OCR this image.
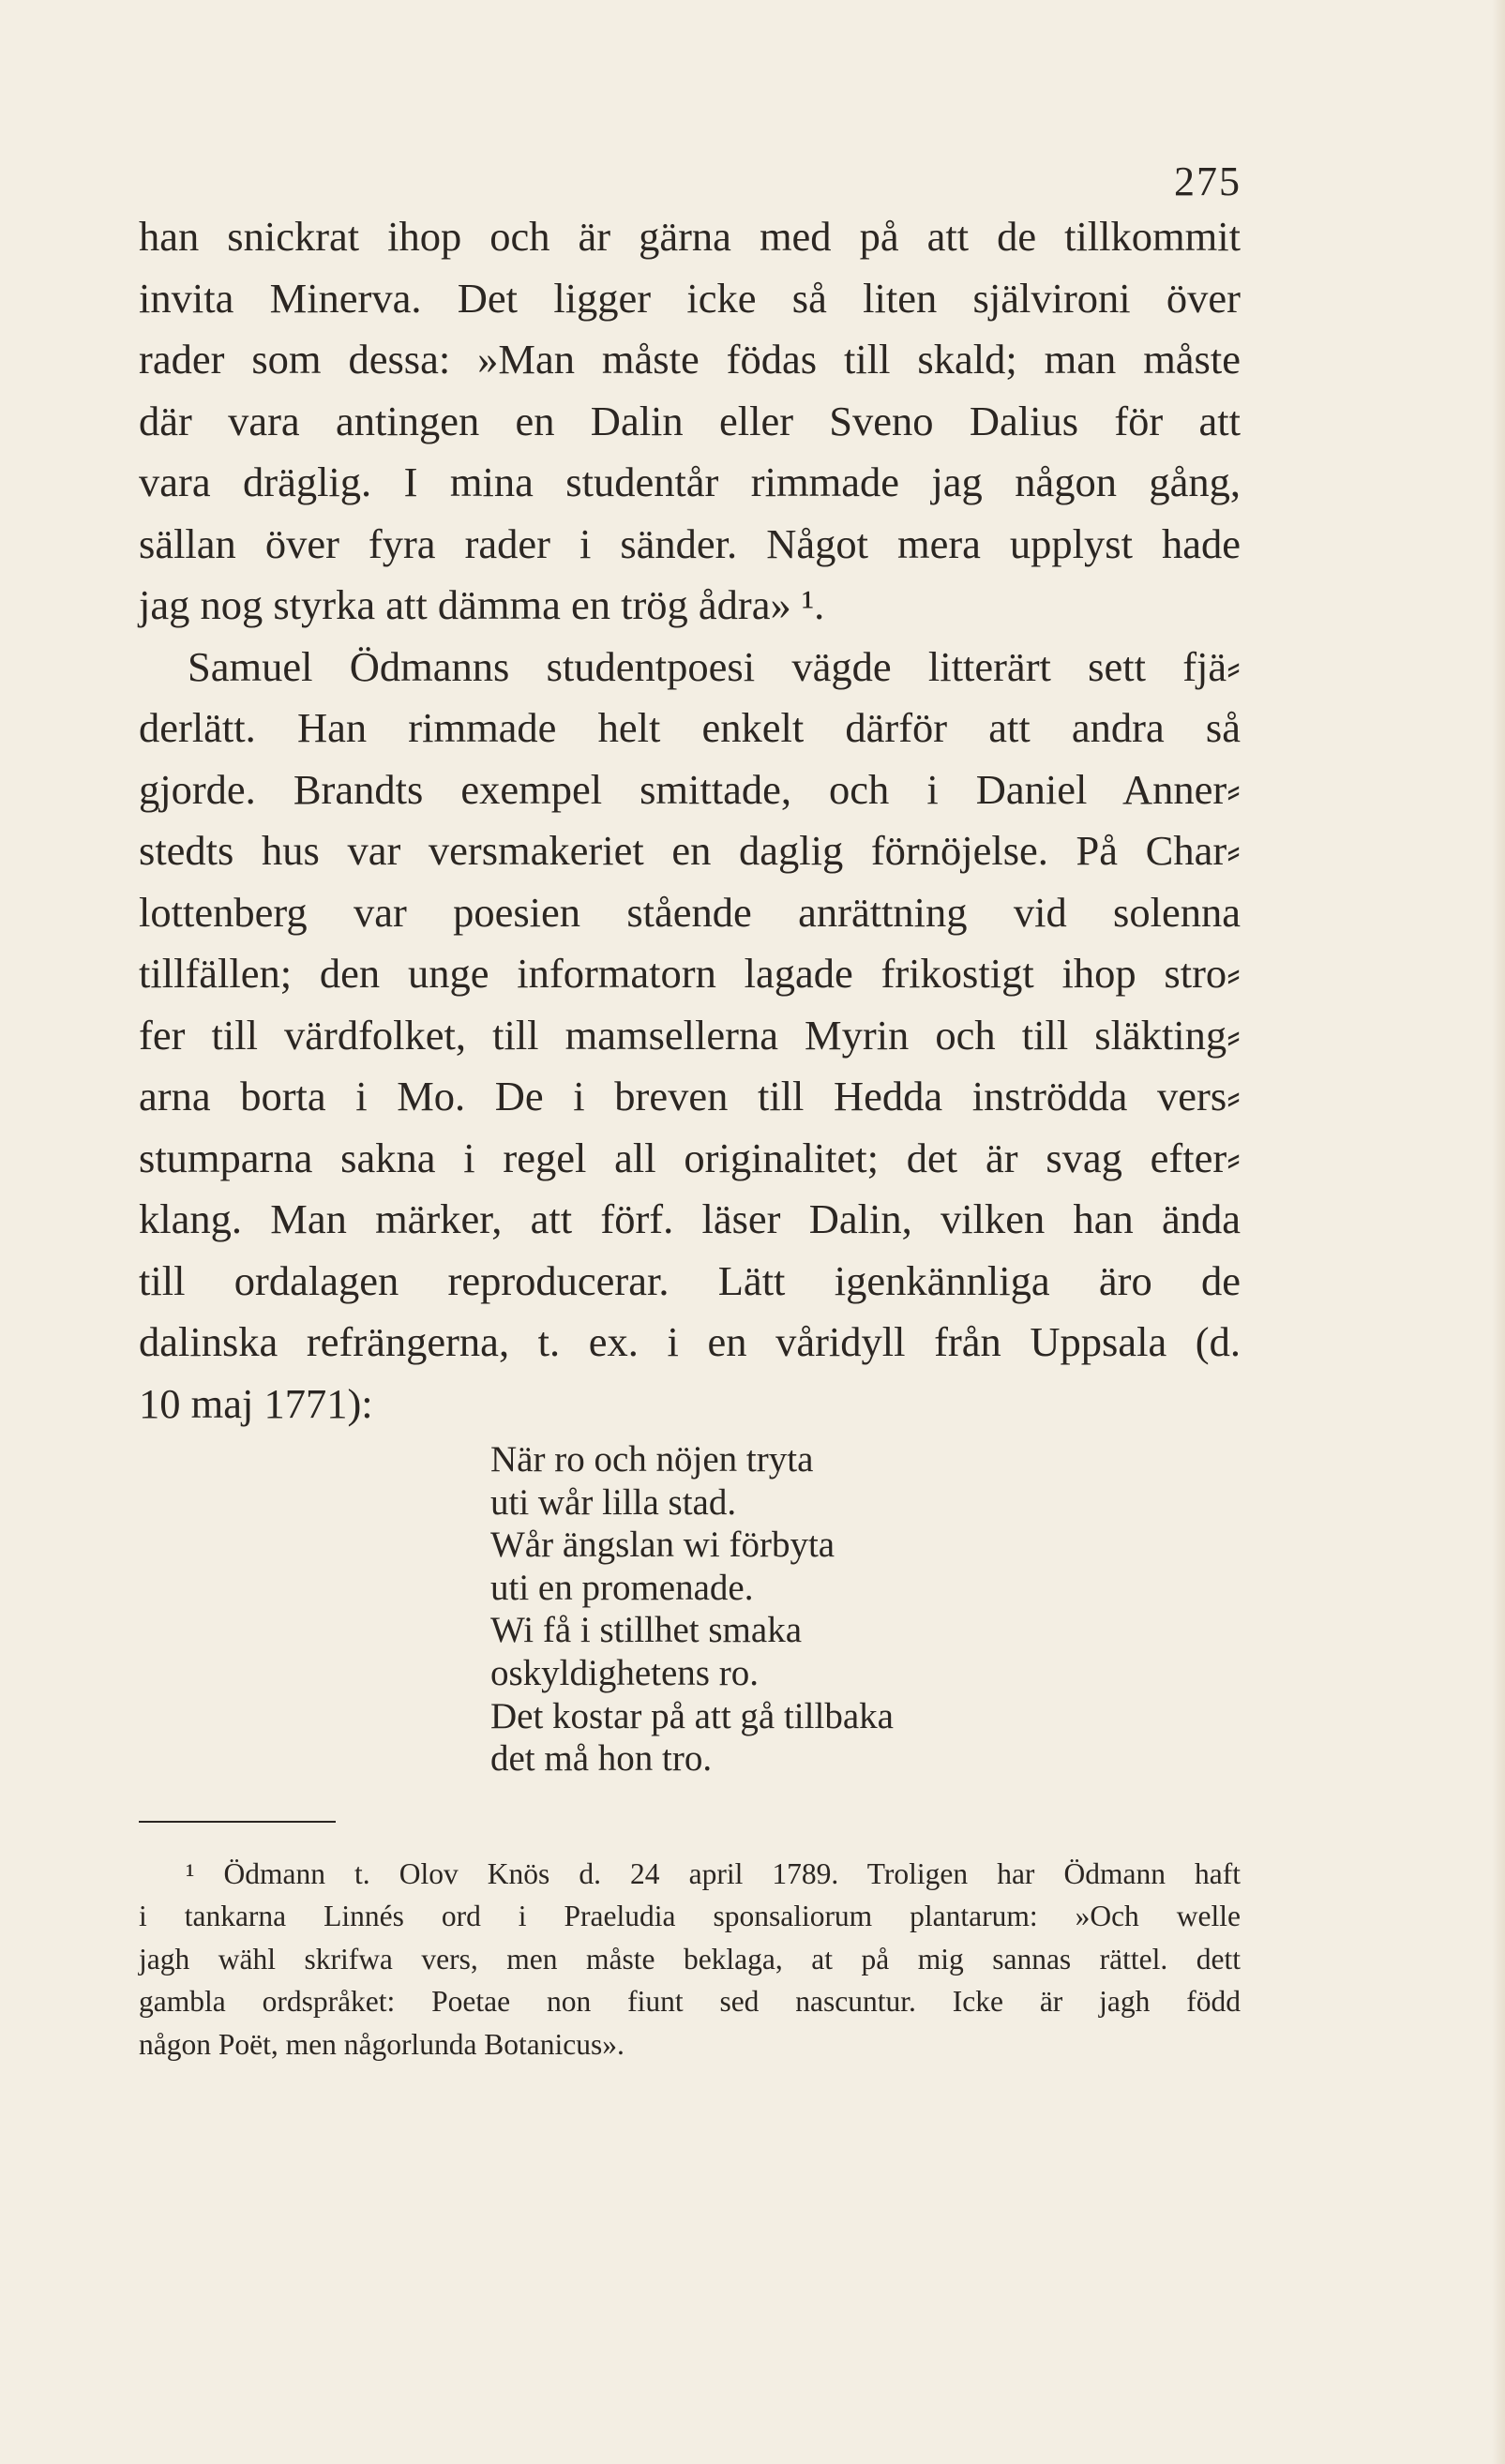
275
han snickrat ihop och är gärna med på att de tillkommit
invita Minerva. Det ligger icke så liten självironi över
rader som dessa: »Man måste födas till skald; man måste
där vara antingen en Dalin eller Sveno Dalius för att
vara dräglig. I mina studentår rimmade jag någon gång,
sällan över fyra rader i sänder. Något mera upplyst hade
jag nog styrka att dämma en trög ådra» ¹.
Samuel Ödmanns studentpoesi vägde litterärt sett fjä⸗
derlätt. Han rimmade helt enkelt därför att andra så
gjorde. Brandts exempel smittade, och i Daniel Anner⸗
stedts hus var versmakeriet en daglig förnöjelse. På Char⸗
lottenberg var poesien stående anrättning vid solenna
tillfällen; den unge informatorn lagade frikostigt ihop stro⸗
fer till värdfolket, till mamsellerna Myrin och till släkting⸗
arna borta i Mo. De i breven till Hedda inströdda vers⸗
stumparna sakna i regel all originalitet; det är svag efter⸗
klang. Man märker, att förf. läser Dalin, vilken han ända
till ordalagen reproducerar. Lätt igenkännliga äro de
dalinska refrängerna, t. ex. i en våridyll från Uppsala (d.
10 maj 1771):
När ro och nöjen tryta
uti wår lilla stad.
Wår ängslan wi förbyta
uti en promenade.
Wi få i stillhet smaka
oskyldighetens ro.
Det kostar på att gå tillbaka
det må hon tro.
¹ Ödmann t. Olov Knös d. 24 april 1789. Troligen har Ödmann haft
i tankarna Linnés ord i Praeludia sponsaliorum plantarum: »Och welle
jagh wähl skrifwa vers, men måste beklaga, at på mig sannas rättel. dett
gambla ordspråket: Poetae non fiunt sed nascuntur. Icke är jagh född
någon Poët, men någorlunda Botanicus».
